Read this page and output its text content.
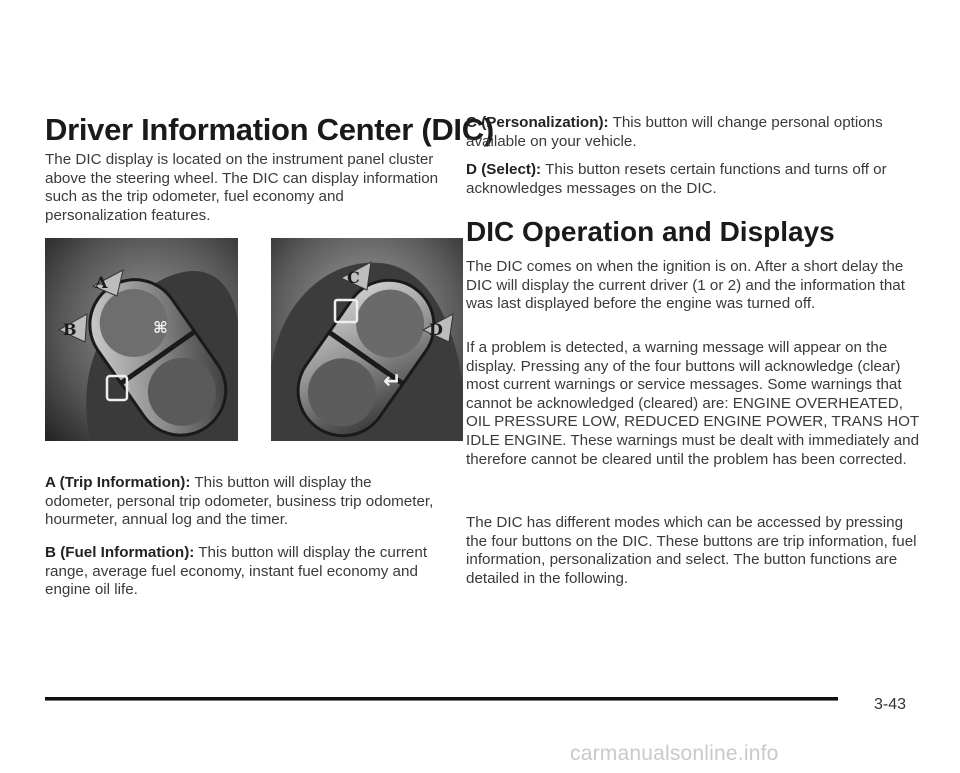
Driver Information Center (DIC)

The DIC display is located on the instrument panel cluster above the steering wheel. The DIC can display information such as the trip odometer, fuel economy and personalization features.

⌘
A
B
↵
C
D

A (Trip Information): This button will display the odometer, personal trip odometer, business trip odometer, hourmeter, annual log and the timer.

B (Fuel Information): This button will display the current range, average fuel economy, instant fuel economy and engine oil life.

C (Personalization): This button will change personal options available on your vehicle.

D (Select): This button resets certain functions and turns off or acknowledges messages on the DIC.

DIC Operation and Displays

The DIC comes on when the ignition is on. After a short delay the DIC will display the current driver (1 or 2) and the information that was last displayed before the engine was turned off.

If a problem is detected, a warning message will appear on the display. Pressing any of the four buttons will acknowledge (clear) most current warnings or service messages. Some warnings that cannot be acknowledged (cleared) are: ENGINE OVERHEATED, OIL PRESSURE LOW, REDUCED ENGINE POWER, TRANS HOT IDLE ENGINE. These warnings must be dealt with immediately and therefore cannot be cleared until the problem has been corrected.

The DIC has different modes which can be accessed by pressing the four buttons on the DIC. These buttons are trip information, fuel information, personalization and select. The button functions are detailed in the following.

3-43
carmanualsonline.info
